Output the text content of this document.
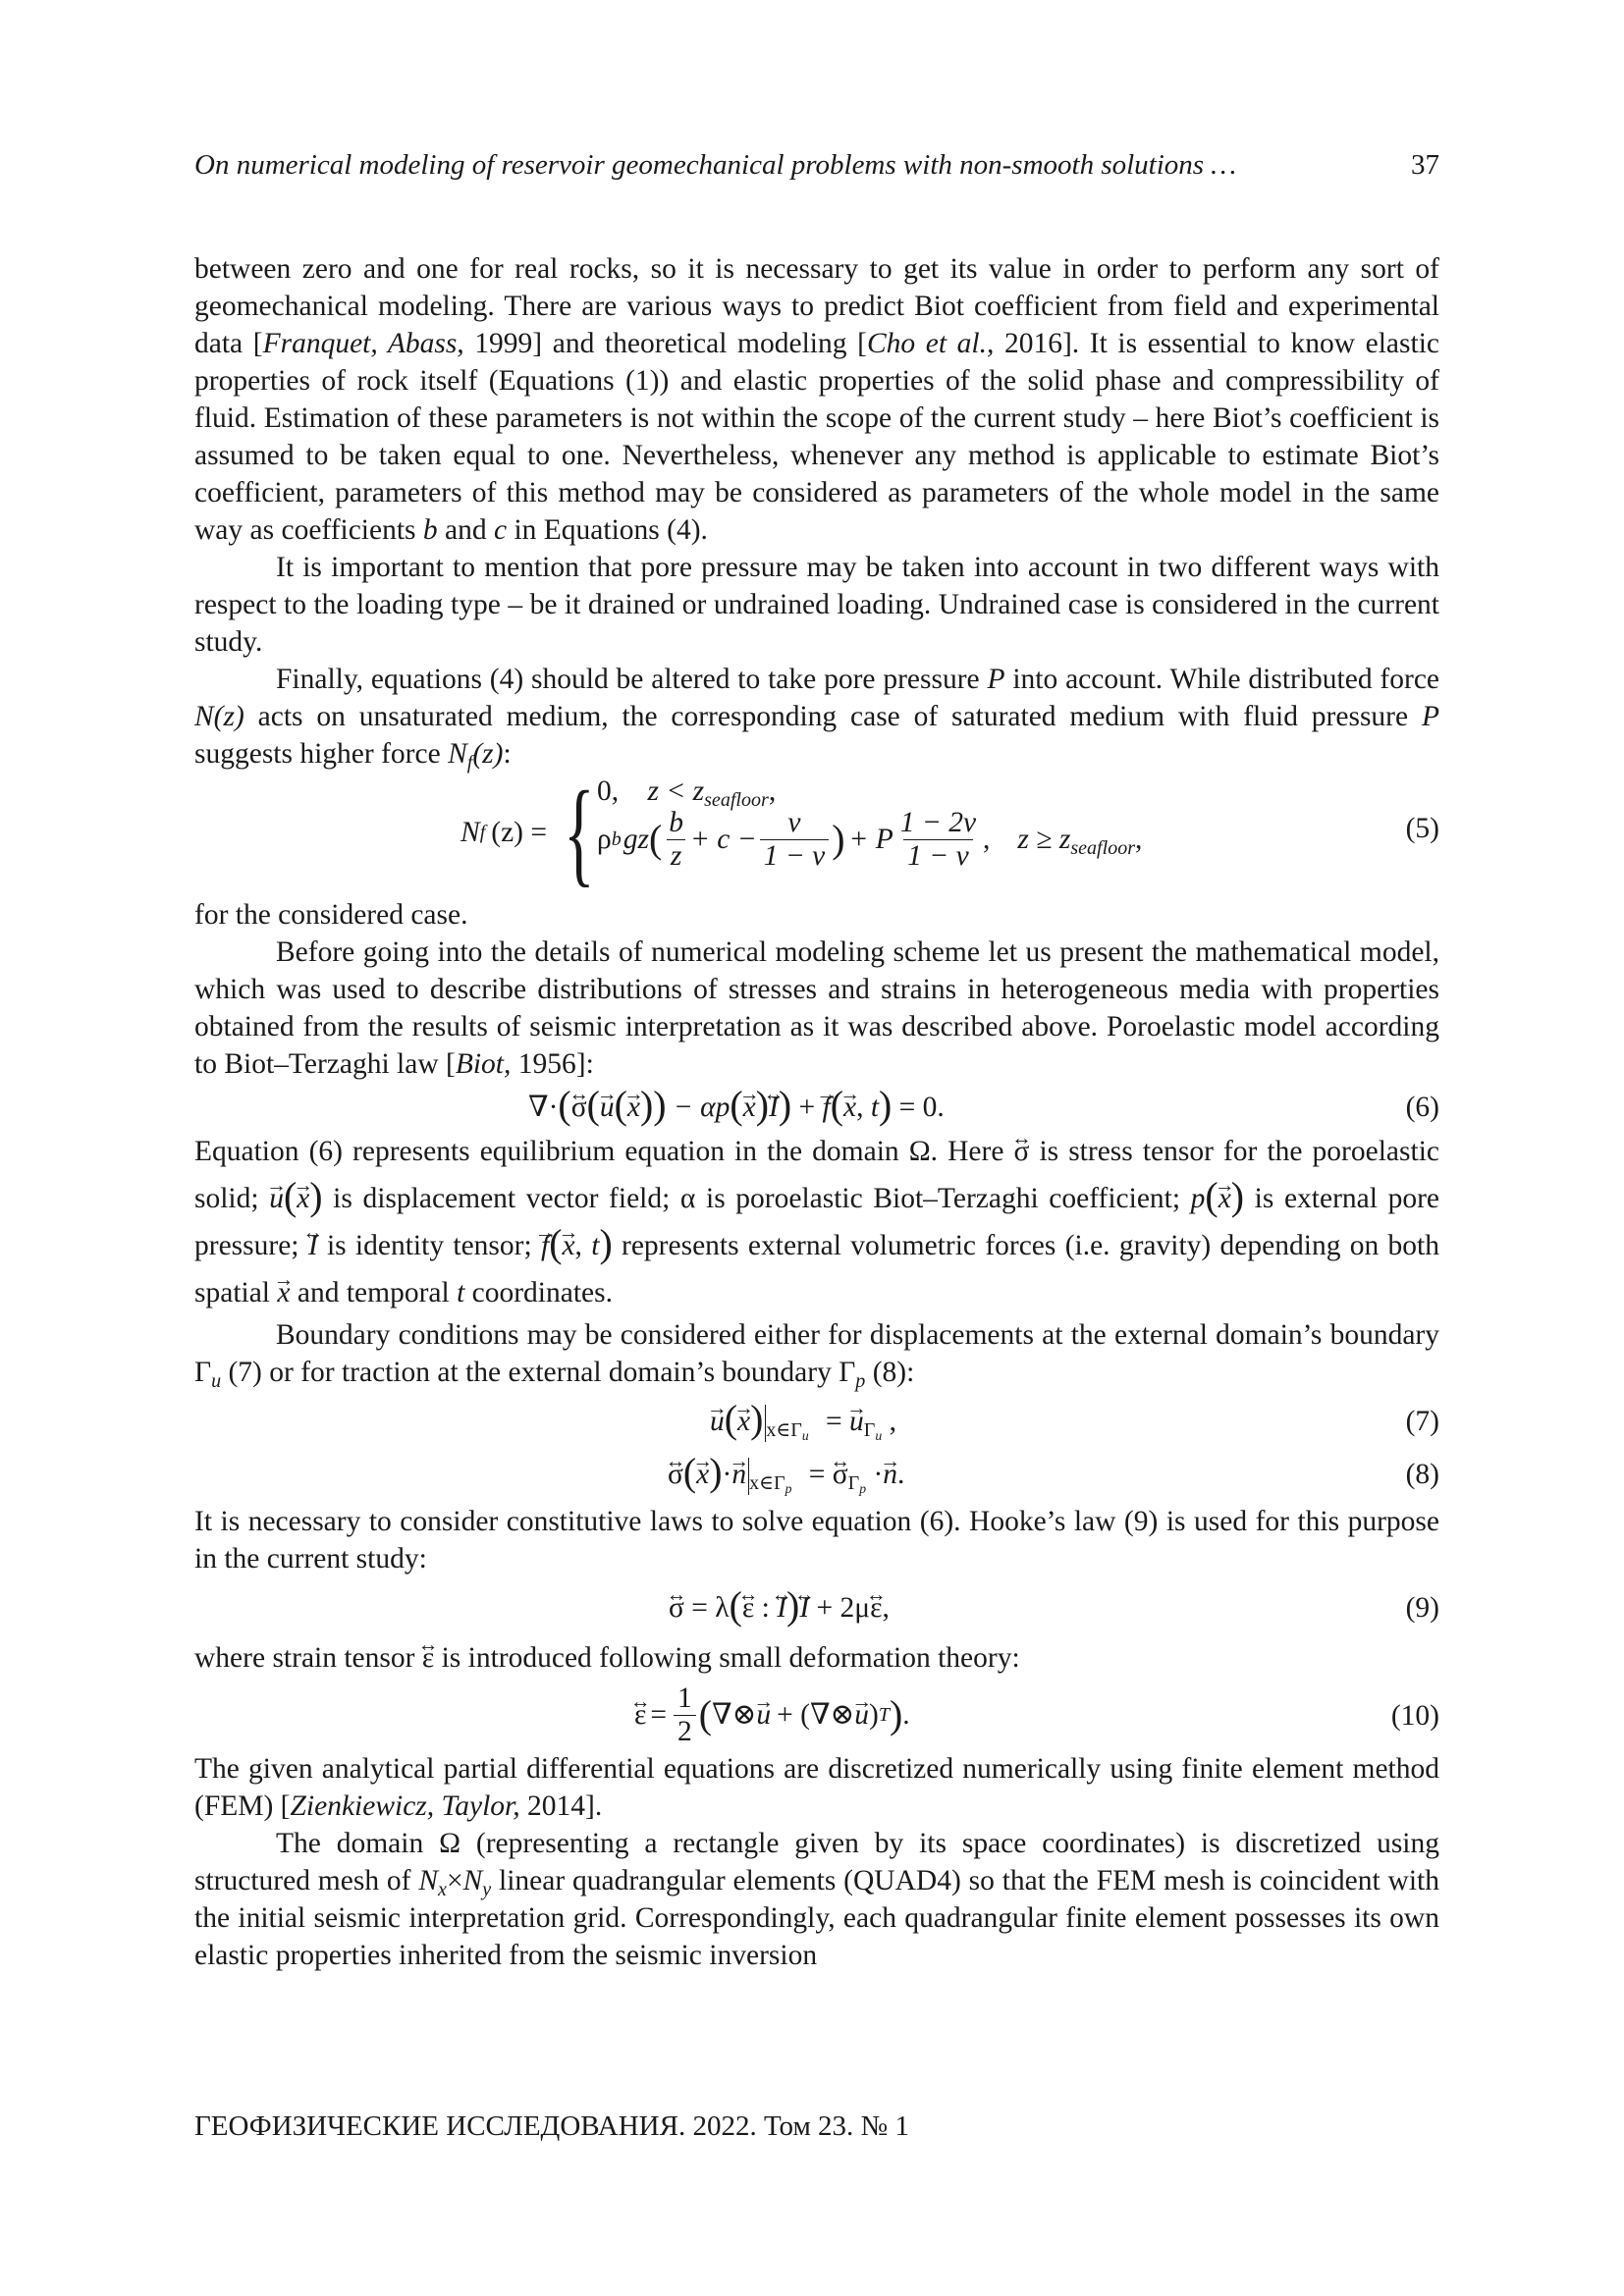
On numerical modeling of reservoir geomechanical problems with non-smooth solutions …	37

between zero and one for real rocks, so it is necessary to get its value in order to perform any sort of geomechanical modeling. There are various ways to predict Biot coefficient from field and experimental data [Franquet, Abass, 1999] and theoretical modeling [Cho et al., 2016]. It is essential to know elastic properties of rock itself (Equations (1)) and elastic properties of the solid phase and compressibility of fluid. Estimation of these parameters is not within the scope of the current study – here Biot’s coefficient is assumed to be taken equal to one. Nevertheless, whenever any method is applicable to estimate Biot’s coefficient, parameters of this method may be considered as parameters of the whole model in the same way as coefficients b and c in Equations (4).

It is important to mention that pore pressure may be taken into account in two different ways with respect to the loading type – be it drained or undrained loading. Undrained case is considered in the current study.

Finally, equations (4) should be altered to take pore pressure P into account. While distributed force N(z) acts on unsaturated medium, the corresponding case of saturated medium with fluid pressure P suggests higher force $N_f(z)$:

N f (z) = { 0, $z < z_{seafloor}$,
ρ b gz ( $\frac{b}{z} + c - \frac{\nu}{1 - \nu}$ ) + P $\frac{1 - 2\nu}{1 - \nu}$ , $z \ge z_{seafloor}$,	(5)

for the considered case.

Before going into the details of numerical modeling scheme let us present the mathematical model, which was used to describe distributions of stresses and strains in heterogeneous media with properties obtained from the results of seismic interpretation as it was described above. Poroelastic model according to Biot–Terzaghi law [Biot, 1956]:

∇·(↔ σ(→ u(→ x)) − αp(→ x)↔ I) + → f(→ x, t) = 0.	(6)

Equation (6) represents equilibrium equation in the domain Ω. Here ↔ σ is stress tensor for the poroelastic solid; → u(→ x) is displacement vector field; α is poroelastic Biot–Terzaghi coefficient; p(→ x) is external pore pressure; ↔ I is identity tensor; → f(→ x, t) represents external volumetric forces (i.e. gravity) depending on both spatial → x and temporal t coordinates.

Boundary conditions may be considered either for displacements at the external domain’s boundary $\Gamma_u$ (7) or for traction at the external domain’s boundary $\Gamma_p$ (8):

→ u(→ x) $_{x\in\Gamma_u}$ = → $u_{\Gamma_u}$ ,	(7)
↔ σ(→ x)·→ n $_{x\in\Gamma_p}$ = ↔ $\sigma_{\Gamma_p} \cdot\to n$.	(8)

It is necessary to consider constitutive laws to solve equation (6). Hooke’s law (9) is used for this purpose in the current study:

↔ σ = λ(↔ ε : ↔ I)↔ I + 2μ↔ ε,	(9)

where strain tensor ↔ ε is introduced following small deformation theory:

↔ $\varepsilon = \frac{1}{2}$ ( ∇⊗ → u + (∇⊗ → u ) T ) .	(10)

The given analytical partial differential equations are discretized numerically using finite element method (FEM) [Zienkiewicz, Taylor, 2014].

The domain Ω (representing a rectangle given by its space coordinates) is discretized using structured mesh of $N_x\times N_y$ linear quadrangular elements (QUAD4) so that the FEM mesh is coincident with the initial seismic interpretation grid. Correspondingly, each quadrangular finite element possesses its own elastic properties inherited from the seismic inversion

ГЕОФИЗИЧЕСКИЕ ИССЛЕДОВАНИЯ. 2022. Том 23. № 1
